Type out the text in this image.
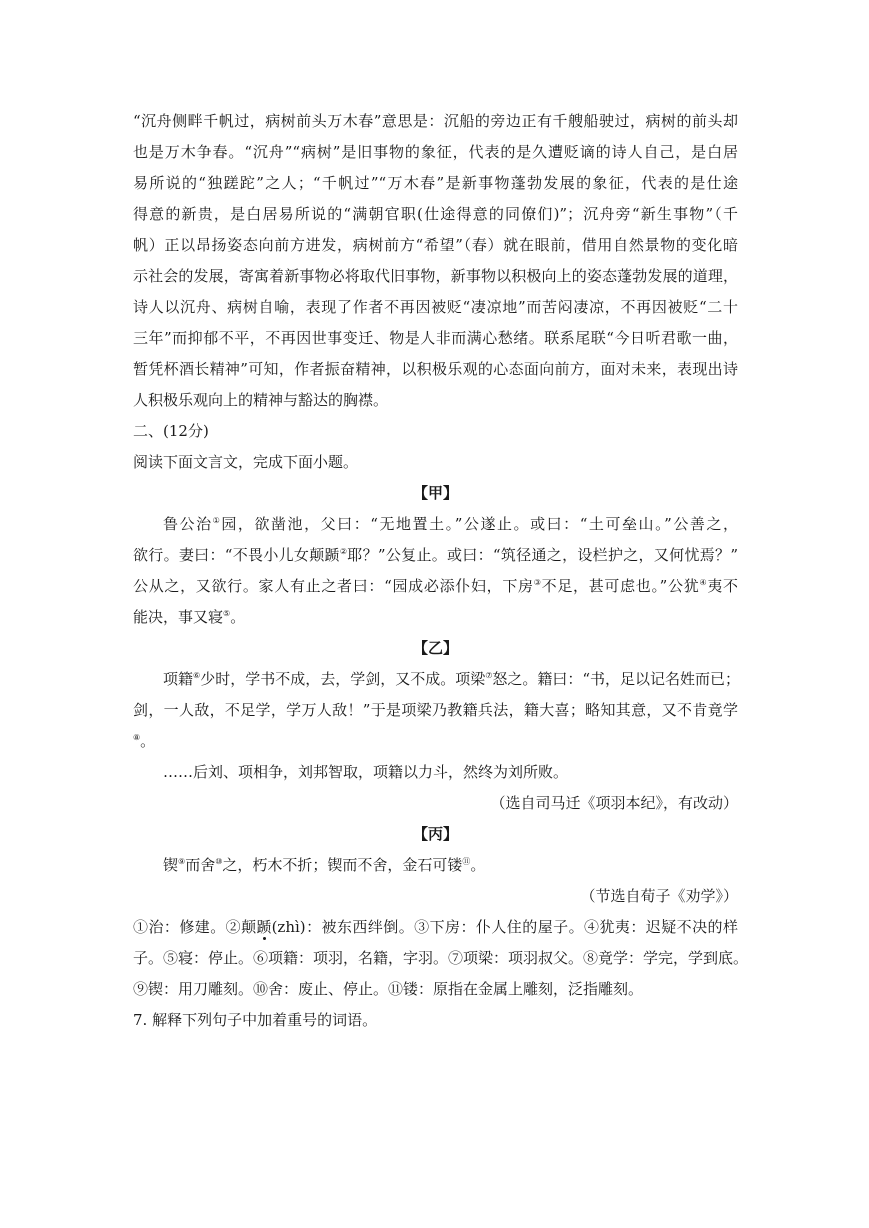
“沉舟侧畔千帆过，病树前头万木春”意思是：沉船的旁边正有千艘船驶过，病树的前头却
也是万木争春。“沉舟”“病树”是旧事物的象征，代表的是久遭贬谪的诗人自己，是白居
易所说的“独蹉跎”之人；“千帆过”“万木春”是新事物蓬勃发展的象征，代表的是仕途
得意的新贵，是白居易所说的“满朝官职(仕途得意的同僚们)”；沉舟旁“新生事物”（千
帆）正以昂扬姿态向前方进发，病树前方“希望”（春）就在眼前，借用自然景物的变化暗
示社会的发展，寄寓着新事物必将取代旧事物，新事物以积极向上的姿态蓬勃发展的道理，
诗人以沉舟、病树自喻，表现了作者不再因被贬“凄凉地”而苦闷凄凉，不再因被贬“二十
三年”而抑郁不平，不再因世事变迁、物是人非而满心愁绪。联系尾联“今日听君歌一曲，
暂凭杯酒长精神”可知，作者振奋精神，以积极乐观的心态面向前方，面对未来，表现出诗
人积极乐观向上的精神与豁达的胸襟。
二、(12分)
阅读下面文言文，完成下面小题。
【甲】
鲁公治①园，欲凿池，父曰：“无地置土。”公遂止。或曰：“土可垒山。”公善之，
欲行。妻曰：“不畏小儿女颠踬②耶？”公复止。或曰：“筑径通之，设栏护之，又何忧焉？”
公从之，又欲行。家人有止之者曰：“园成必添仆妇，下房③不足，甚可虑也。”公犹④夷不
能决，事又寝⑤。
【乙】
项籍⑥少时，学书不成，去，学剑，又不成。项梁⑦怒之。籍曰：“书，足以记名姓而已；
剑，一人敌，不足学，学万人敌！”于是项梁乃教籍兵法，籍大喜；略知其意，又不肯竟学
⑧。
……后刘、项相争，刘邦智取，项籍以力斗，然终为刘所败。
（选自司马迁《项羽本纪》，有改动）
【丙】
锲⑨而舍⑩之，朽木不折；锲而不舍，金石可镂⑪。
（节选自荀子《劝学》）
①治：修建。②颠踬(zhì)：被东西绊倒。③下房：仆人住的屋子。④犹夷：迟疑不决的样
子。⑤寝：停止。⑥项籍：项羽，名籍，字羽。⑦项梁：项羽叔父。⑧竟学：学完，学到底。
⑨锲：用刀雕刻。⑩舍：废止、停止。⑪镂：原指在金属上雕刻，泛指雕刻。
7. 解释下列句子中加着重号的词语。
